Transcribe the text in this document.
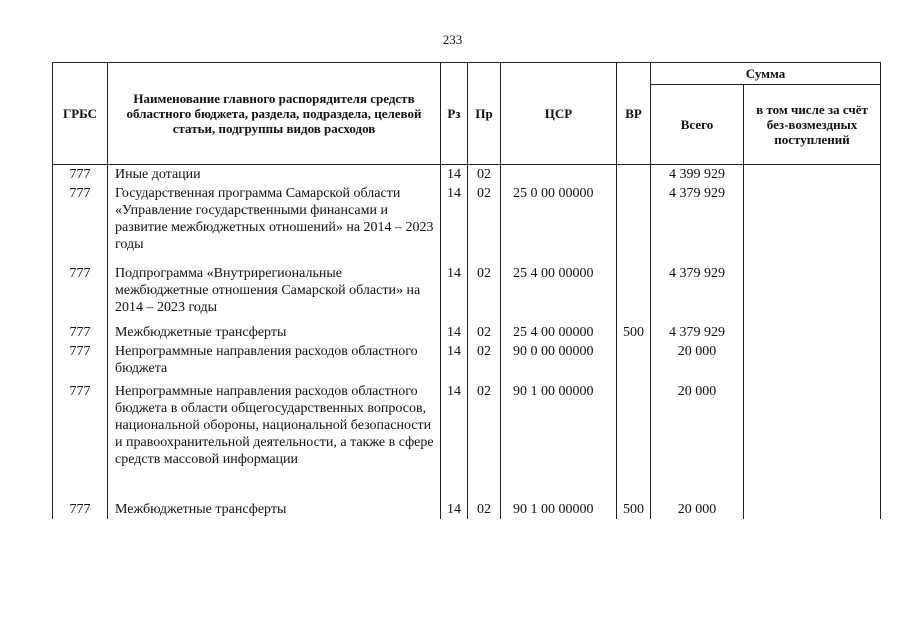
233
ГРБС	Наименование главного распорядителя средств областного бюджета, раздела, подраздела, целевой статьи, подгруппы видов расходов	Рз	Пр	ЦСР	ВР	Сумма	
						Всего	в том числе за счёт без-возмездных поступлений
777	Иные дотации	14	02			4 399 929	
777	Государственная программа Самарской области «Управление государственными финансами и развитие межбюджетных отношений» на 2014 – 2023 годы	14	02	25 0 00 00000		4 379 929	
777	Подпрограмма «Внутрирегиональные межбюджетные отношения Самарской области» на 2014 – 2023 годы	14	02	25 4 00 00000		4 379 929	
777	Межбюджетные трансферты	14	02	25 4 00 00000	500	4 379 929	
777	Непрограммные направления расходов областного бюджета	14	02	90 0 00 00000		20 000	
777	Непрограммные направления расходов областного бюджета в области общегосударственных вопросов, национальной обороны, национальной безопасности и правоохранительной деятельности, а также в сфере средств массовой информации	14	02	90 1 00 00000		20 000	

777	Межбюджетные трансферты	14	02	90 1 00 00000	500	20 000	
